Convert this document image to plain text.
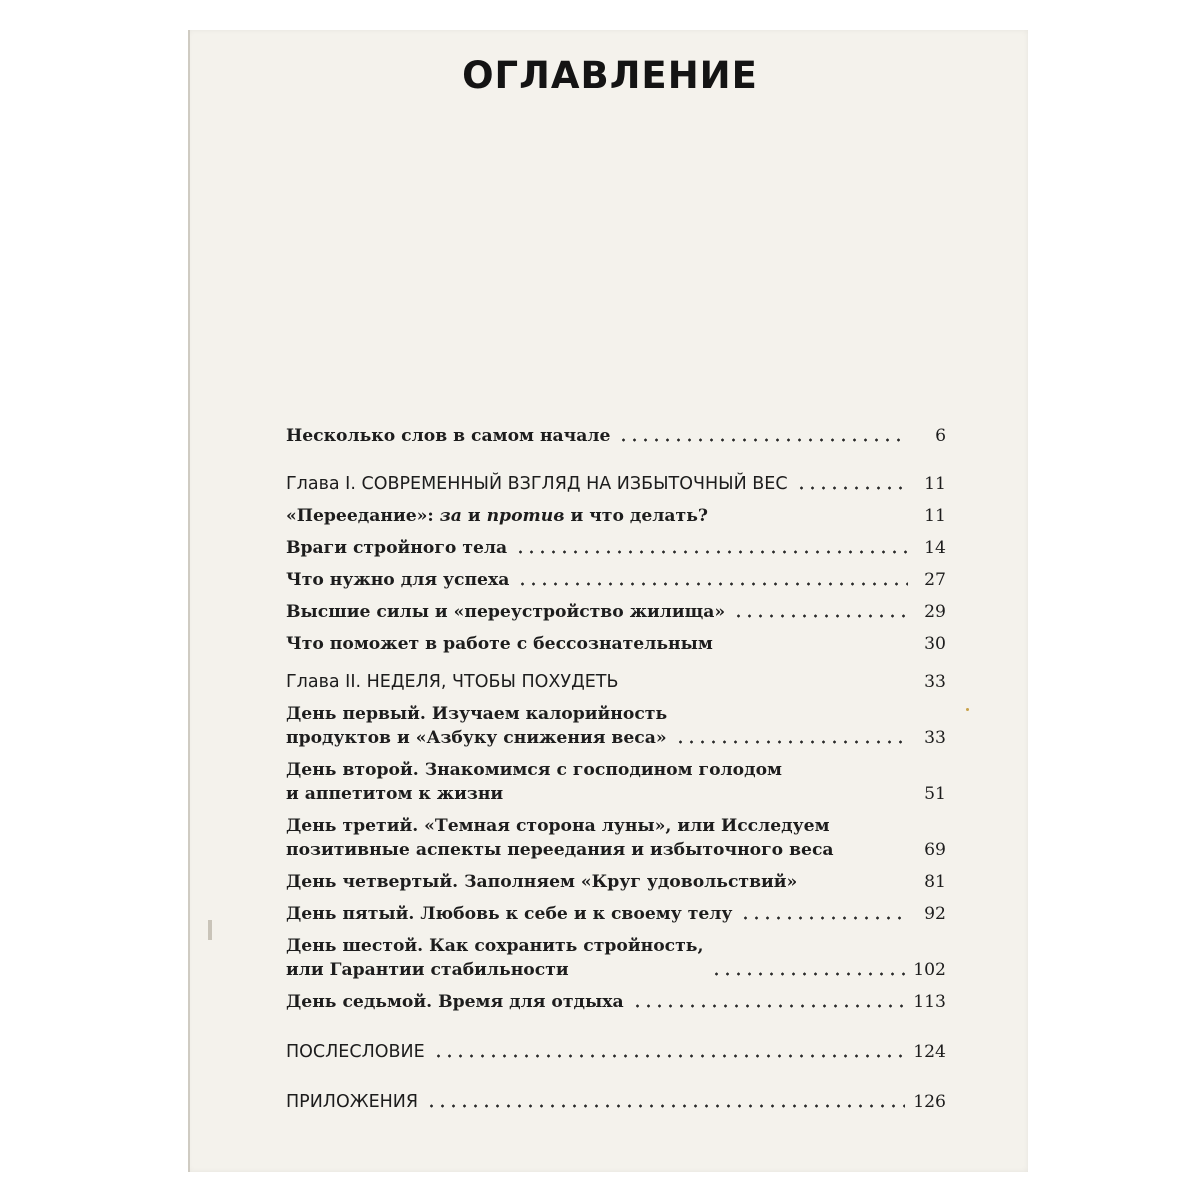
ОГЛАВЛЕНИЕ
Несколько слов в самом начале	6
Глава I. СОВРЕМЕННЫЙ ВЗГЛЯД НА ИЗБЫТОЧНЫЙ ВЕС	11
«Переедание»: за и против и что делать?	11
Враги стройного тела	14
Что нужно для успеха	27
Высшие силы и «переустройство жилища»	29
Что поможет в работе с бессознательным	30
Глава II. НЕДЕЛЯ, ЧТОБЫ ПОХУДЕТЬ	33
День первый. Изучаем калорийность
продуктов и «Азбуку снижения веса»	33
День второй. Знакомимся с господином голодом
и аппетитом к жизни	51
День третий. «Темная сторона луны», или Исследуем
позитивные аспекты переедания и избыточного веса	69
День четвертый. Заполняем «Круг удовольствий»	81
День пятый. Любовь к себе и к своему телу	92
День шестой. Как сохранить стройность,
или Гарантии стабильности	102
День седьмой. Время для отдыха	113
ПОСЛЕСЛОВИЕ	124
ПРИЛОЖЕНИЯ	126
